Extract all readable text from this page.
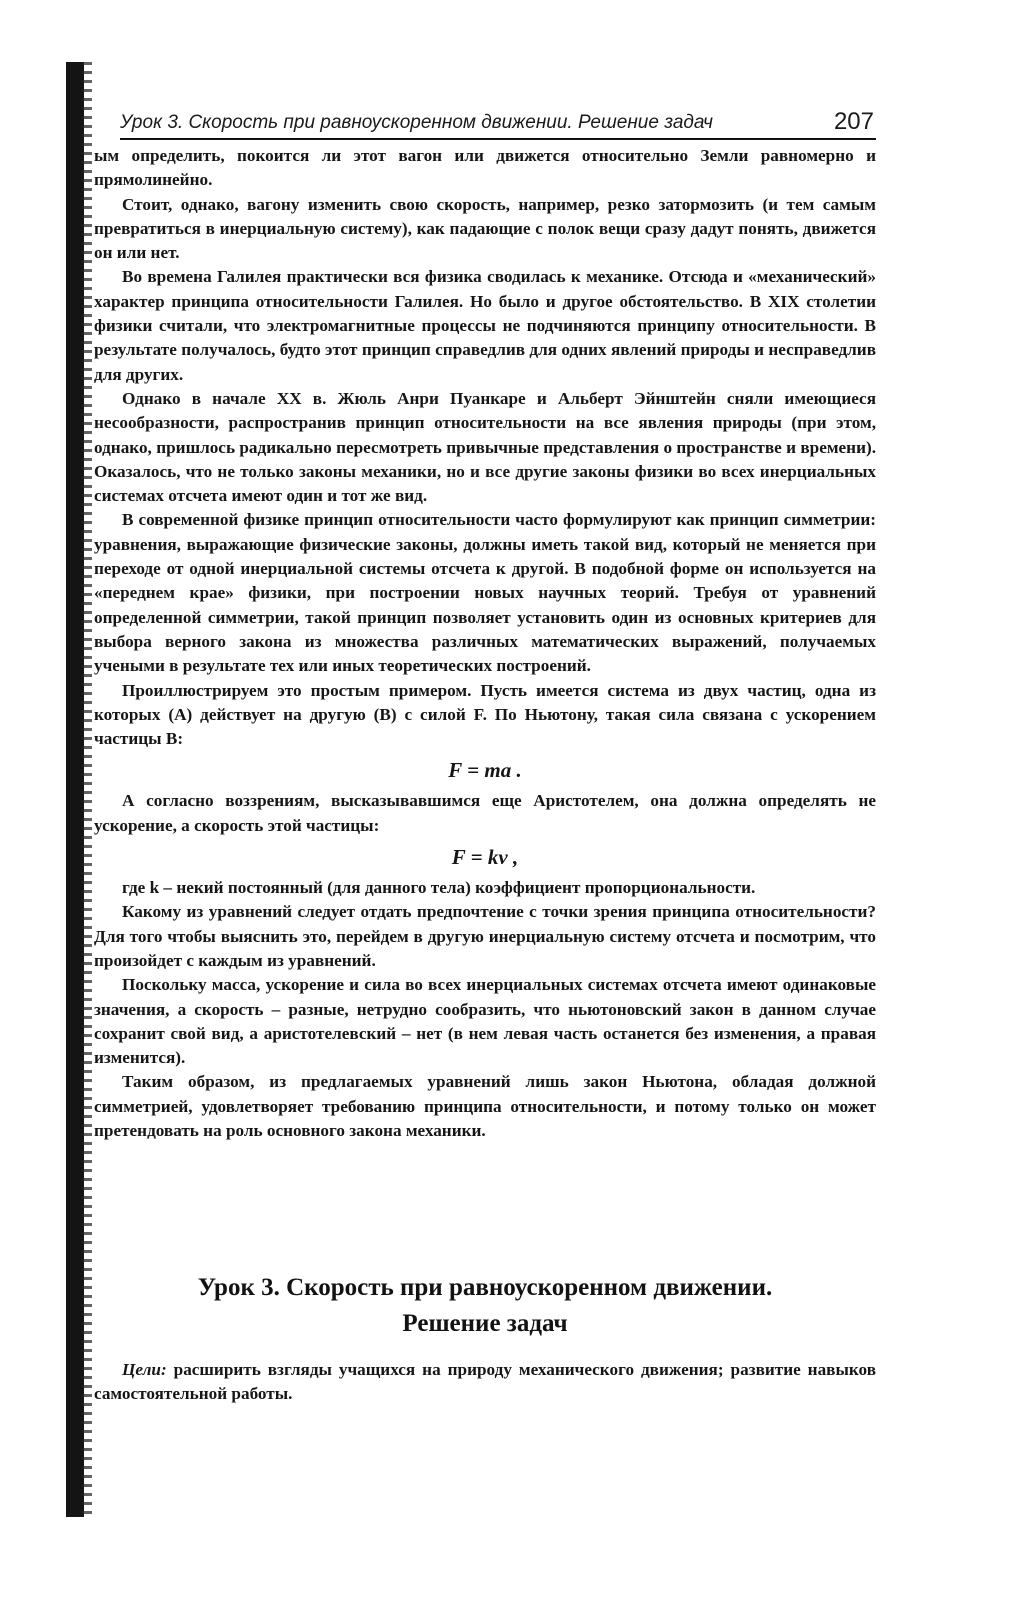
Урок 3. Скорость при равноускоренном движении. Решение задач	207

ым определить, покоится ли этот вагон или движется относительно Земли равномерно и прямолинейно.

Стоит, однако, вагону изменить свою скорость, например, резко затормозить (и тем самым превратиться в инерциальную систему), как падающие с полок вещи сразу дадут понять, движется он или нет.

Во времена Галилея практически вся физика сводилась к механике. Отсюда и «механический» характер принципа относительности Галилея. Но было и другое обстоятельство. В XIX столетии физики считали, что электромагнитные процессы не подчиняются принципу относительности. В результате получалось, будто этот принцип справедлив для одних явлений природы и несправедлив для других.

Однако в начале XX в. Жюль Анри Пуанкаре и Альберт Эйнштейн сняли имеющиеся несообразности, распространив принцип относительности на все явления природы (при этом, однако, пришлось радикально пересмотреть привычные представления о пространстве и времени). Оказалось, что не только законы механики, но и все другие законы физики во всех инерциальных системах отсчета имеют один и тот же вид.

В современной физике принцип относительности часто формулируют как принцип симметрии: уравнения, выражающие физические законы, должны иметь такой вид, который не меняется при переходе от одной инерциальной системы отсчета к другой. В подобной форме он используется на «переднем крае» физики, при построении новых научных теорий. Требуя от уравнений определенной симметрии, такой принцип позволяет установить один из основных критериев для выбора верного закона из множества различных математических выражений, получаемых учеными в результате тех или иных теоретических построений.

Проиллюстрируем это простым примером. Пусть имеется система из двух частиц, одна из которых (А) действует на другую (В) с силой F. По Ньютону, такая сила связана с ускорением частицы В:

F = ma .

А согласно воззрениям, высказывавшимся еще Аристотелем, она должна определять не ускорение, а скорость этой частицы:

F = kv ,

где k – некий постоянный (для данного тела) коэффициент пропорциональности.

Какому из уравнений следует отдать предпочтение с точки зрения принципа относительности? Для того чтобы выяснить это, перейдем в другую инерциальную систему отсчета и посмотрим, что произойдет с каждым из уравнений.

Поскольку масса, ускорение и сила во всех инерциальных системах отсчета имеют одинаковые значения, а скорость – разные, нетрудно сообразить, что ньютоновский закон в данном случае сохранит свой вид, а аристотелевский – нет (в нем левая часть останется без изменения, а правая изменится).

Таким образом, из предлагаемых уравнений лишь закон Ньютона, обладая должной симметрией, удовлетворяет требованию принципа относительности, и потому только он может претендовать на роль основного закона механики.

Урок 3. Скорость при равноускоренном движении.
Решение задач
Цели: расширить взгляды учащихся на природу механического движения; развитие навыков самостоятельной работы.
